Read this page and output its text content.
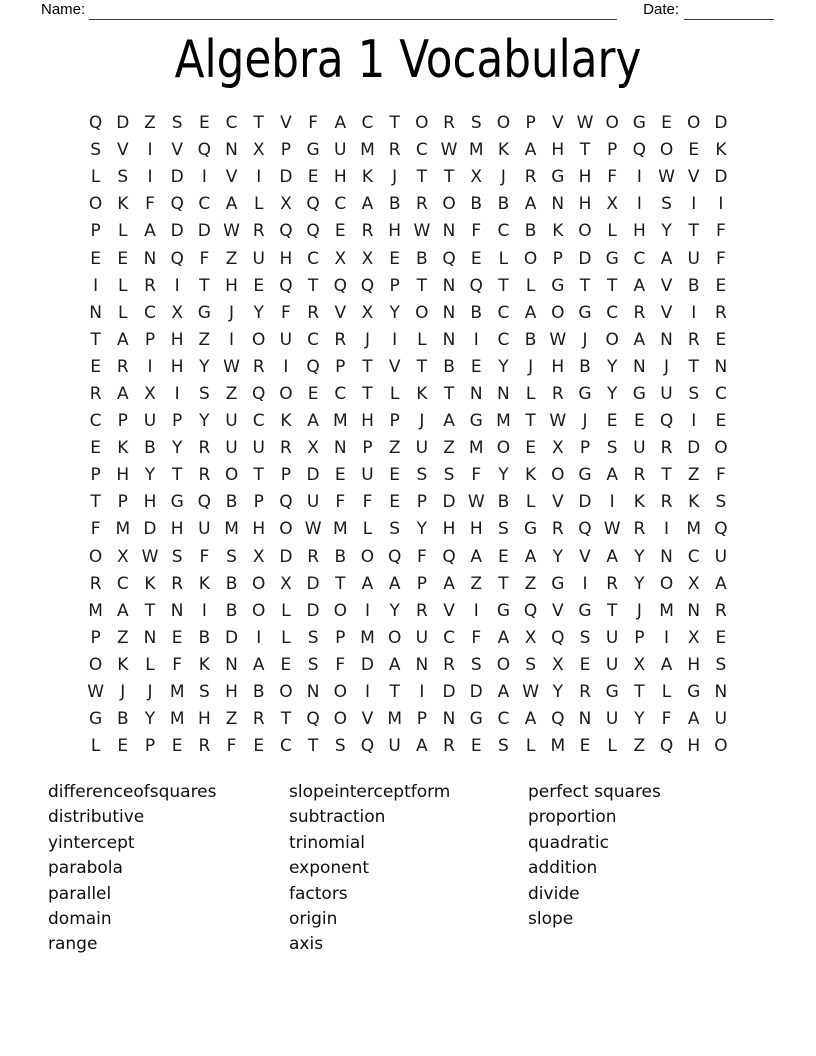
Name:	Date:
Algebra 1 Vocabulary
Q D Z S E C T V F A C T O R S O P V W O G E O D
S V	I	V Q N X P G U M R C W M K A H T P Q O E K
L	S	I	D	I	V	I	D E H K	J	T T X	J	R G H F	I W V D
O K F Q C A L X Q C A B R O B B A N H X	I	S	I	I
P	L A D D W R Q Q E R H W N F C B K O L H Y T	F
E E N Q F Z U H C X X E B Q E	L O P D G C A U F
I	L R	I	T H E Q T Q Q P T N Q T	L G T T A V B E
N L C X G	J	Y	F R V X Y O N B C A O G C R V	I	R
T A P H Z	I	O U C R	J	I	L N	I	C B W J	O A N R E
E R	I	H Y W R	I	Q P T V T B E Y	J	H B Y N	J	T N
R A X	I	S Z Q O E C T	L K T N N L R G Y G U S C
C P U P Y U C K A M H P	J	A G M T W J	E E Q	I	E
E K B Y R U U R X N P Z U Z M O E X P S U R D O
P H Y T R O T P D E U E S S F	Y K O G A R T Z F
T P H G Q B P Q U F	F E P D W B L V D	I	K R K S
F M D H U M H O W M L	S Y H H S G R Q W R	I	M Q
O X W S F S X D R B O Q F Q A E A Y V A Y N C U
R C K R K B O X D T A A P A Z T Z G	I	R Y O X A
M A T N	I	B O L D O	I	Y R V	I	G Q V G T	J	M N R
P Z N E B D	I	L	S P M O U C F A X Q S U P	I	X E
O K L	F K N A E S F D A N R S O S X E U X A H S
W J	J	M S H B O N O	I	T	I	D D A W Y R G T	L G N
G B Y M H Z R T Q O V M P N G C A Q N U Y	F A U
L	E P E R F E C T S Q U A R E S	L M E	L Z Q H O
differenceofsquares
distributive
yintercept
parabola
parallel
domain
range
slopeinterceptform
subtraction
trinomial
exponent
factors
origin
axis
perfect squares
proportion
quadratic
addition
divide
slope
